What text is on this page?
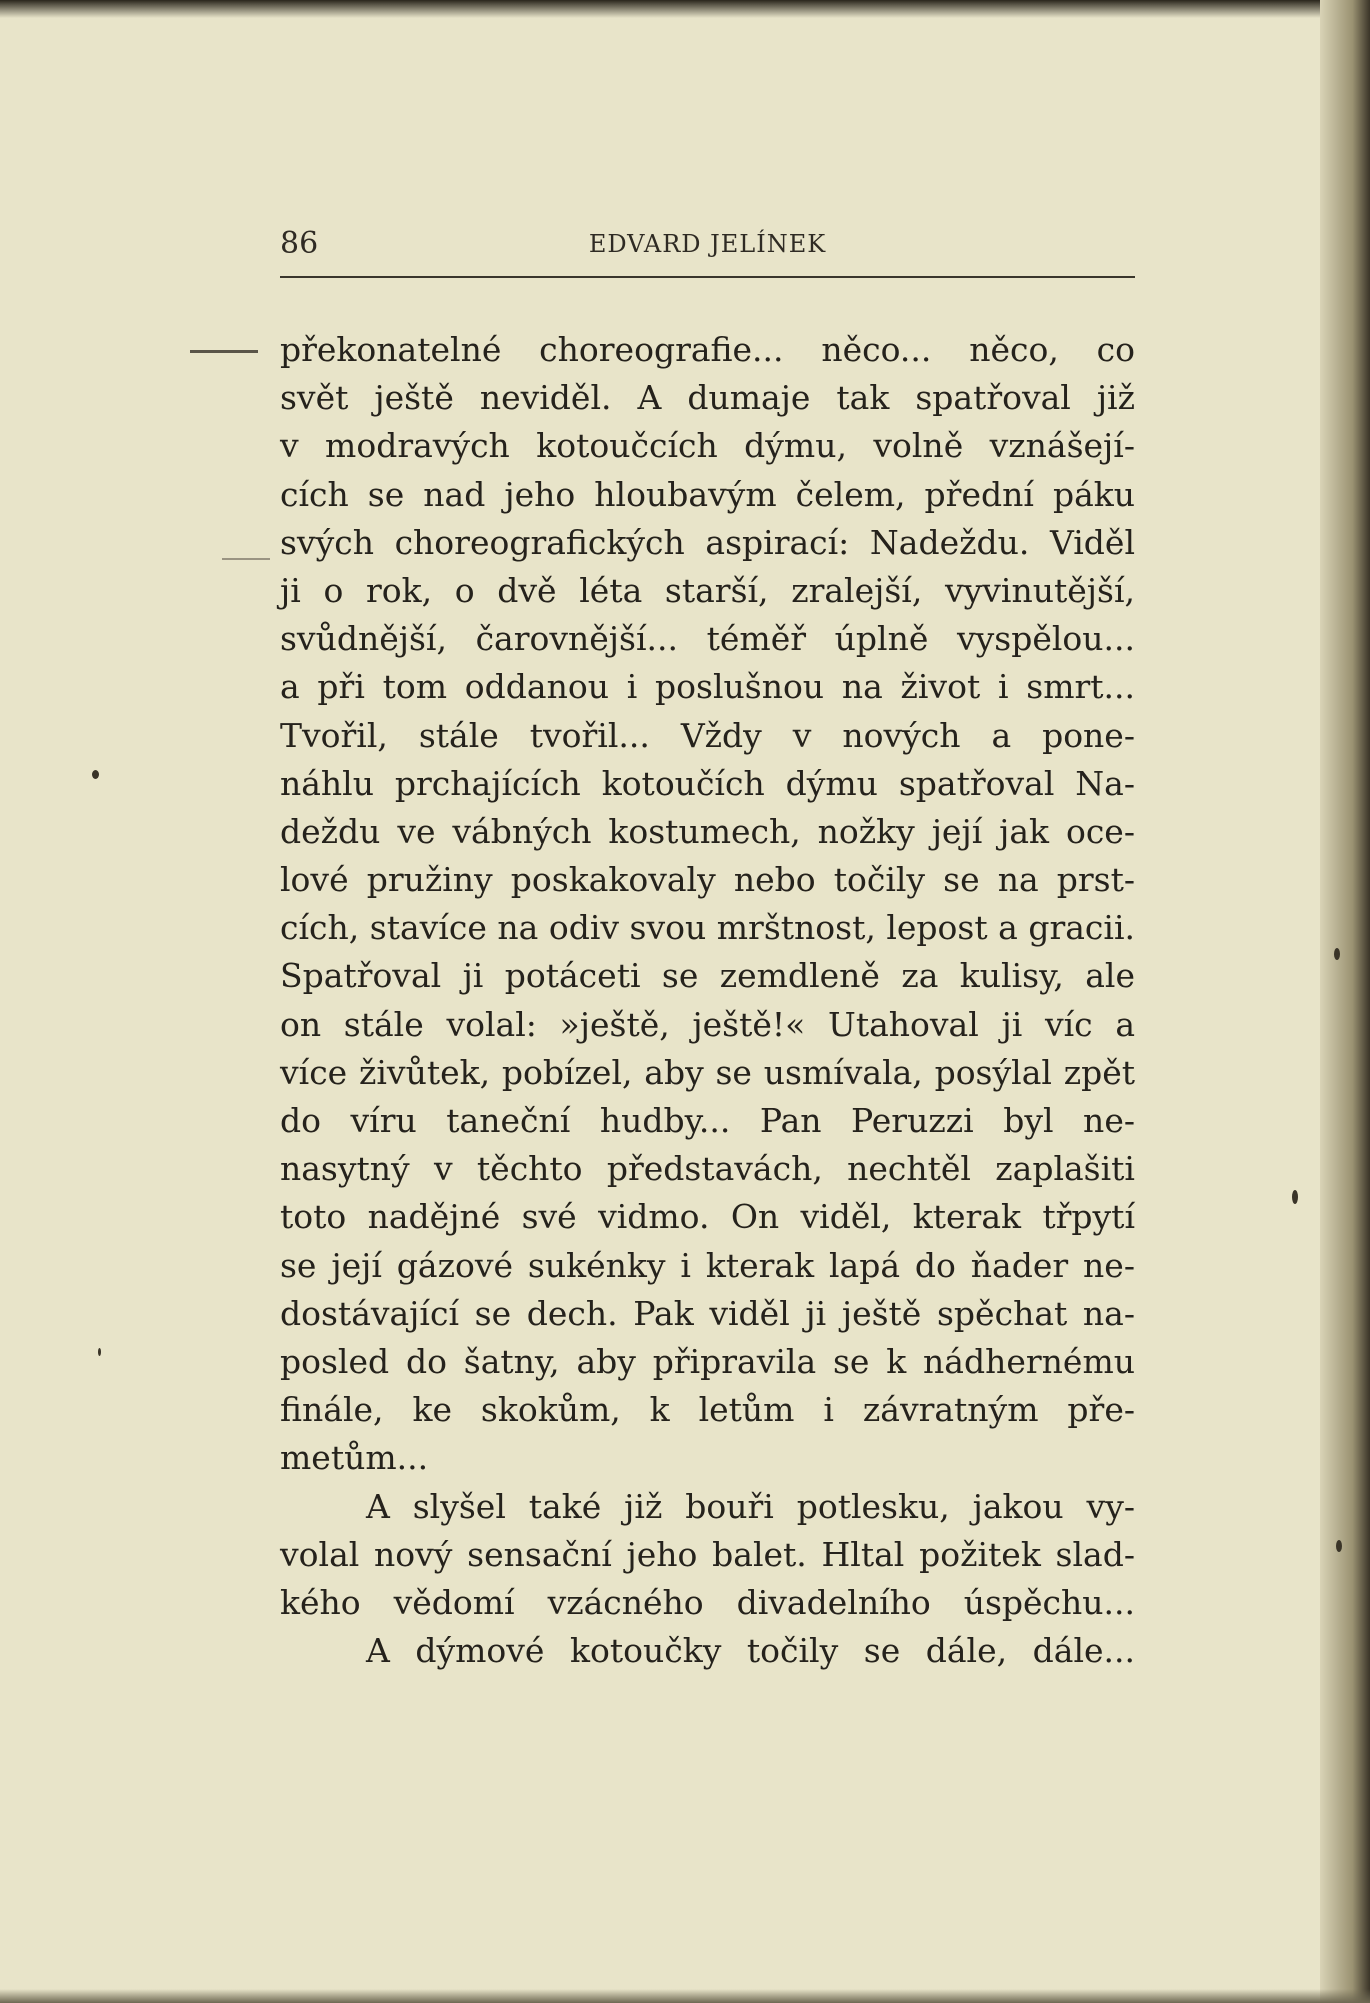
86	EDVARD JELÍNEK
překonatelné choreografie... něco... něco, co
svět ještě neviděl. A dumaje tak spatřoval již
v modravých kotoučcích dýmu, volně vznášejí-
cích se nad jeho hloubavým čelem, přední páku
svých choreografických aspirací: Nadeždu. Viděl
ji o rok, o dvě léta starší, zralejší, vyvinutější,
svůdnější, čarovnější... téměř úplně vyspělou...
a při tom oddanou i poslušnou na život i smrt...
Tvořil, stále tvořil... Vždy v nových a pone-
náhlu prchajících kotoučích dýmu spatřoval Na-
deždu ve vábných kostumech, nožky její jak oce-
lové pružiny poskakovaly nebo točily se na prst-
cích, stavíce na odiv svou mrštnost, lepost a gracii.
Spatřoval ji potáceti se zemdleně za kulisy, ale
on stále volal: »ještě, ještě!« Utahoval ji víc a
více živůtek, pobízel, aby se usmívala, posýlal zpět
do víru taneční hudby... Pan Peruzzi byl ne-
nasytný v těchto představách, nechtěl zaplašiti
toto nadějné své vidmo. On viděl, kterak třpytí
se její gázové sukénky i kterak lapá do ňader ne-
dostávající se dech. Pak viděl ji ještě spěchat na-
posled do šatny, aby připravila se k nádhernému
finále, ke skokům, k letům i závratným pře-
metům...
A slyšel také již bouři potlesku, jakou vy-
volal nový sensační jeho balet. Hltal požitek slad-
kého vědomí vzácného divadelního úspěchu...
A dýmové kotoučky točily se dále, dále...
